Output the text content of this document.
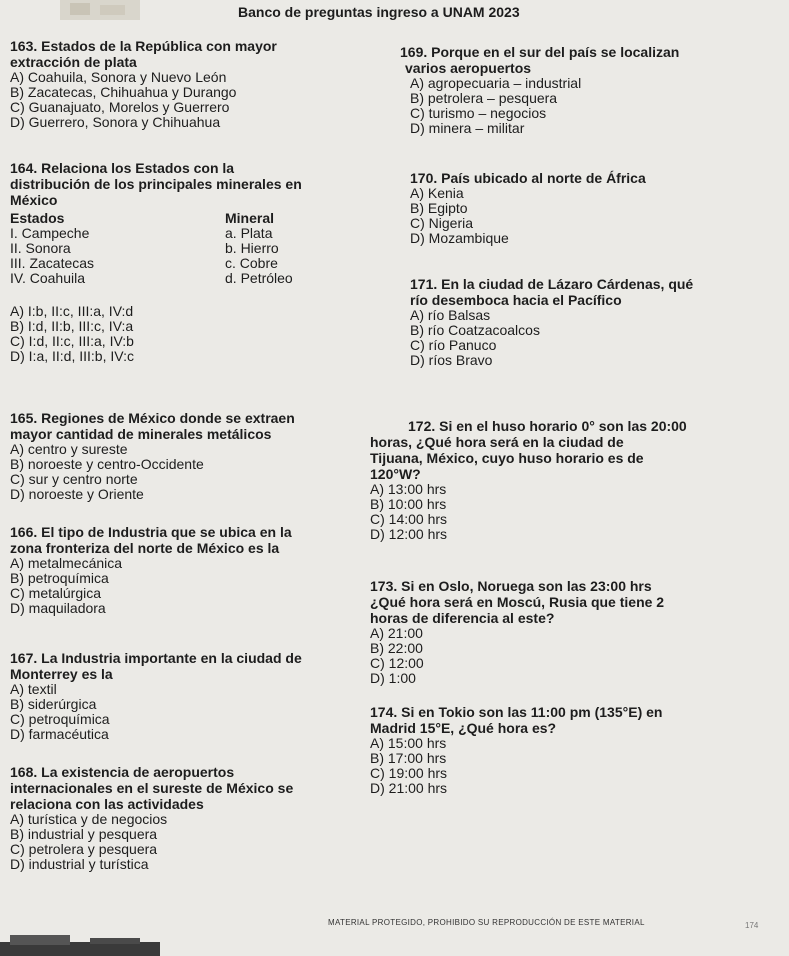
Banco de preguntas ingreso a UNAM 2023
163. Estados de la República con mayor
extracción de plata
A) Coahuila, Sonora y Nuevo León
B) Zacatecas, Chihuahua y Durango
C) Guanajuato, Morelos y Guerrero
D) Guerrero, Sonora y Chihuahua
164. Relaciona los Estados con la
distribución de los principales minerales en
México
Estados	Mineral
I. Campeche	a. Plata
II. Sonora	b. Hierro
III. Zacatecas	c. Cobre
IV. Coahuila	d. Petróleo
A) I:b, II:c, III:a, IV:d
B) I:d, II:b, III:c, IV:a
C) I:d, II:c, III:a, IV:b
D) I:a, II:d, III:b, IV:c
165. Regiones de México donde se extraen
mayor cantidad de minerales metálicos
A) centro y sureste
B) noroeste y centro-Occidente
C) sur y centro norte
D) noroeste y Oriente
166. El tipo de Industria que se ubica en la
zona fronteriza del norte de México es la
A) metalmecánica
B) petroquímica
C) metalúrgica
D) maquiladora
167. La Industria importante en la ciudad de
Monterrey es la
A) textil
B) siderúrgica
C) petroquímica
D) farmacéutica
168. La existencia de aeropuertos
internacionales en el sureste de México se
relaciona con las actividades
A) turística y de negocios
B) industrial y pesquera
C) petrolera y pesquera
D) industrial y turística
169. Porque en el sur del país se localizan
varios aeropuertos
A) agropecuaria – industrial
B) petrolera – pesquera
C) turismo – negocios
D) minera – militar
170. País ubicado al norte de África
A) Kenia
B) Egipto
C) Nigeria
D) Mozambique
171. En la ciudad de Lázaro Cárdenas, qué
río desemboca hacia el Pacífico
A) río Balsas
B) río Coatzacoalcos
C) río Panuco
D) ríos Bravo
172. Si en el huso horario 0° son las 20:00
horas, ¿Qué hora será en la ciudad de
Tijuana, México, cuyo huso horario es de
120°W?
A) 13:00 hrs
B) 10:00 hrs
C) 14:00 hrs
D) 12:00 hrs
173. Si en Oslo, Noruega son las 23:00 hrs
¿Qué hora será en Moscú, Rusia que tiene 2
horas de diferencia al este?
A) 21:00
B) 22:00
C) 12:00
D) 1:00
174. Si en Tokio son las 11:00 pm (135°E) en
Madrid 15°E, ¿Qué hora es?
A) 15:00 hrs
B) 17:00 hrs
C) 19:00 hrs
D) 21:00 hrs
MATERIAL PROTEGIDO, PROHIBIDO SU REPRODUCCIÓN DE ESTE MATERIAL	174
